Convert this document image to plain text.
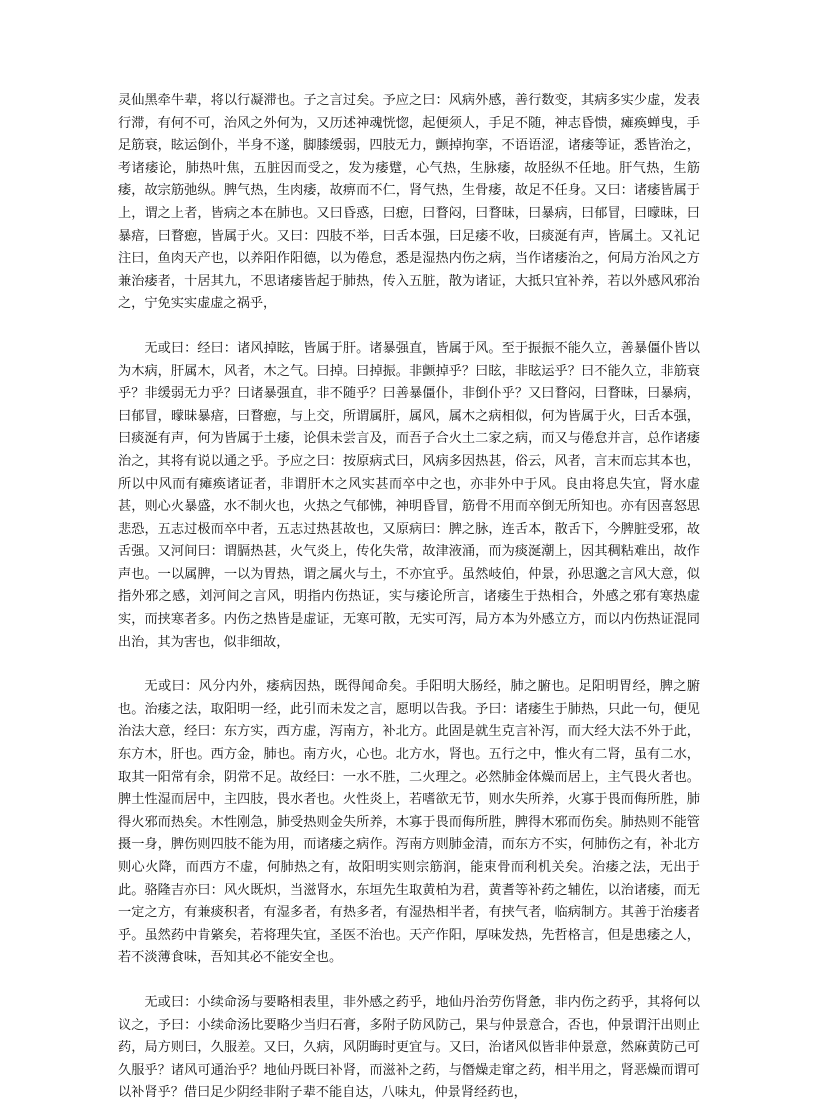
灵仙黑牵牛辈，将以行凝滞也。子之言过矣。予应之曰：风病外感，善行数变，其病多实少虚，发表行滞，有何不可，治风之外何为，又历述神魂恍惚，起便须人，手足不随，神志昏愦，瘫痪蝉曳，手足筋衰，眩运倒仆，半身不遂，脚膝缓弱，四肢无力，颤掉拘挛，不语语涩，诸痿等证，悉皆治之，考诸痿论，肺热叶焦，五脏因而受之，发为痿躄，心气热，生脉痿，故胫纵不任地。肝气热，生筋痿，故宗筋弛纵。脾气热，生肉痿，故痹而不仁，肾气热，生骨痿，故足不任身。又曰：诸痿皆属于上，谓之上者，皆病之本在肺也。又曰昏惑，曰瘛，曰瞀闷，曰瞀昧，曰暴病，曰郁冒，曰曚昧，曰暴瘖，曰瞀瘛，皆属于火。又曰：四肢不举，曰舌本强，曰足痿不收，曰痰涎有声，皆属土。又礼记注曰，鱼肉天产也，以养阳作阳德，以为倦怠，悉是湿热内伤之病，当作诸痿治之，何局方治风之方兼治痿者，十居其九，不思诸痿皆起于肺热，传入五脏，散为诸证，大抵只宜补养，若以外感风邪治之，宁免实实虚虚之祸乎，

无或曰：经曰：诸风掉眩，皆属于肝。诸暴强直，皆属于风。至于振振不能久立，善暴僵仆皆以为木病，肝属木，风者，木之气。曰掉。曰掉振。非颤掉乎？曰眩，非眩运乎？曰不能久立，非筋衰乎？非缓弱无力乎？曰诸暴强直，非不随乎？曰善暴僵仆，非倒仆乎？又曰瞀闷，曰瞀昧，曰暴病，曰郁冒，曚昧暴瘖，曰瞀瘛，与上交，所谓属肝，属风，属木之病相似，何为皆属于火，曰舌本强，曰痰涎有声，何为皆属于土痿，论俱未尝言及，而吾子合火土二家之病，而又与倦怠并言，总作诸痿治之，其将有说以通之乎。予应之曰：按原病式曰，风病多因热甚，俗云，风者，言末而忘其本也，所以中风而有瘫痪诸证者，非谓肝木之风实甚而卒中之也，亦非外中于风。良由将息失宜，肾水虚甚，则心火暴盛，水不制火也，火热之气郁怫，神明昏冒，筋骨不用而卒倒无所知也。亦有因喜怒思悲恐，五志过极而卒中者，五志过热甚故也，又原病曰：脾之脉，连舌本，散舌下，今脾脏受邪，故舌强。又河间曰：谓膈热甚，火气炎上，传化失常，故津液涌，而为痰涎潮上，因其稠粘难出，故作声也。一以属脾，一以为胃热，谓之属火与土，不亦宜乎。虽然岐伯，仲景，孙思邈之言风大意，似指外邪之感，刘河间之言风，明指内伤热证，实与痿论所言，诸痿生于热相合，外感之邪有寒热虚实，而挟寒者多。内伤之热皆是虚证，无寒可散，无实可泻，局方本为外感立方，而以内伤热证混同出治，其为害也，似非细故，

无或曰：风分内外，痿病因热，既得闻命矣。手阳明大肠经，肺之腑也。足阳明胃经，脾之腑也。治痿之法，取阳明一经，此引而未发之言，愿明以告我。予曰：诸痿生于肺热，只此一句，便见治法大意，经曰：东方实，西方虚，泻南方，补北方。此固是就生克言补泻，而大经大法不外于此，东方木，肝也。西方金，肺也。南方火，心也。北方水，肾也。五行之中，惟火有二肾，虽有二水，取其一阳常有余，阴常不足。故经曰：一水不胜，二火理之。必然肺金体燥而居上，主气畏火者也。脾土性湿而居中，主四肢，畏水者也。火性炎上，若嗜欲无节，则水失所养，火寡于畏而侮所胜，肺得火邪而热矣。木性刚急，肺受热则金失所养，木寡于畏而侮所胜，脾得木邪而伤矣。肺热则不能管摄一身，脾伤则四肢不能为用，而诸痿之病作。泻南方则肺金清，而东方不实，何肺伤之有，补北方则心火降，而西方不虚，何肺热之有，故阳明实则宗筋润，能束骨而利机关矣。治痿之法，无出于此。骆隆吉亦曰：风火既炽，当滋肾水，东垣先生取黄柏为君，黄耆等补药之辅佐，以治诸痿，而无一定之方，有兼痰积者，有湿多者，有热多者，有湿热相半者，有挟气者，临病制方。其善于治痿者乎。虽然药中肯綮矣，若将理失宜，圣医不治也。天产作阳，厚味发热，先哲格言，但是患痿之人，若不淡薄食味，吾知其必不能安全也。

无或曰：小续命汤与要略相表里，非外感之药乎，地仙丹治劳伤肾惫，非内伤之药乎，其将何以议之，予曰：小续命汤比要略少当归石膏，多附子防风防己，果与仲景意合，否也，仲景谓汗出则止药，局方则曰，久服差。又曰，久病，风阴晦时更宜与。又曰，治诸风似皆非仲景意，然麻黄防己可久服乎？诸风可通治乎？地仙丹既曰补肾，而滋补之药，与僭燥走窜之药，相半用之，肾恶燥而谓可以补肾乎？借曰足少阴经非附子辈不能自达，八味丸，仲景肾经药也，
